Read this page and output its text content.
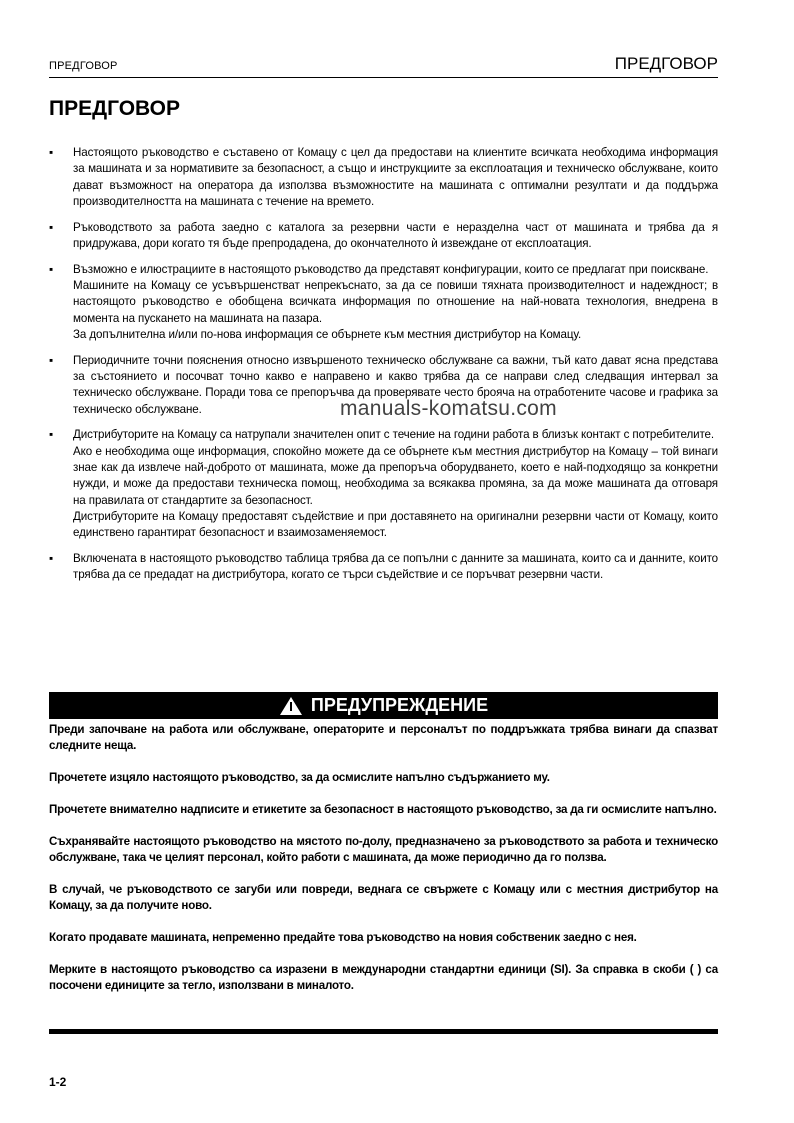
ПРЕДГОВОР	ПРЕДГОВОР
ПРЕДГОВОР
▪ Настоящото ръководство е съставено от Комацу с цел да предостави на клиентите всичката необходима информация за машината и за нормативите за безопасност, а също и инструкциите за експлоатация и техническо обслужване, които дават възможност на оператора да използва възможностите на машината с оптимални резултати и да поддържа производителността на машината с течение на времето.

▪ Ръководството за работа заедно с каталога за резервни части е неразделна част от машината и трябва да я придружава, дори когато тя бъде препродадена, до окончателното ѝ извеждане от експлоатация.

▪ Възможно е илюстрациите в настоящото ръководство да представят конфигурации, които се предлагат при поискване.

Машините на Комацу се усъвършенстват непрекъснато, за да се повиши тяхната производителност и надеждност; в настоящото ръководство е обобщена всичката информация по отношение на най-новата технология, внедрена в момента на пускането на машината на пазара.

За допълнителна и/или по-нова информация се обърнете към местния дистрибутор на Комацу.

▪ Периодичните точни пояснения относно извършеното техническо обслужване са важни, тъй като дават ясна представа за състоянието и посочват точно какво е направено и какво трябва да се направи след следващия интервал за техническо обслужване. Поради това се препоръчва да проверявате често брояча на отработените часове и графика за техническо обслужване.

▪ Дистрибуторите на Комацу са натрупали значителен опит с течение на години работа в близък контакт с потребителите.

Ако е необходима още информация, спокойно можете да се обърнете към местния дистрибутор на Комацу – той винаги знае как да извлече най-доброто от машината, може да препоръча оборудването, което е най-подходящо за конкретни нужди, и може да предостави техническа помощ, необходима за всякаква промяна, за да може машината да отговаря на правилата от стандартите за безопасност.

Дистрибуторите на Комацу предоставят съдействие и при доставянето на оригинални резервни части от Комацу, които единствено гарантират безопасност и взаимозаменяемост.

▪ Включената в настоящото ръководство таблица трябва да се попълни с данните за машината, които са и данните, които трябва да се предадат на дистрибутора, когато се търси съдействие и се поръчват резервни части.

manuals-komatsu.com
ПРЕДУПРЕЖДЕНИЕ

Преди започване на работа или обслужване, операторите и персоналът по поддръжката трябва винаги да спазват следните неща.

Прочетете изцяло настоящото ръководство, за да осмислите напълно съдържанието му.

Прочетете внимателно надписите и етикетите за безопасност в настоящото ръководство, за да ги осмислите напълно.

Съхранявайте настоящото ръководство на мястото по-долу, предназначено за ръководството за работа и техническо обслужване, така че целият персонал, който работи с машината, да може периодично да го ползва.

В случай, че ръководството се загуби или повреди, веднага се свържете с Комацу или с местния дистрибутор на Комацу, за да получите ново.

Когато продавате машината, непременно предайте това ръководство на новия собственик заедно с нея.

Мерките в настоящото ръководство са изразени в международни стандартни единици (SI). За справка в скоби ( ) са посочени единиците за тегло, използвани в миналото.

1-2
